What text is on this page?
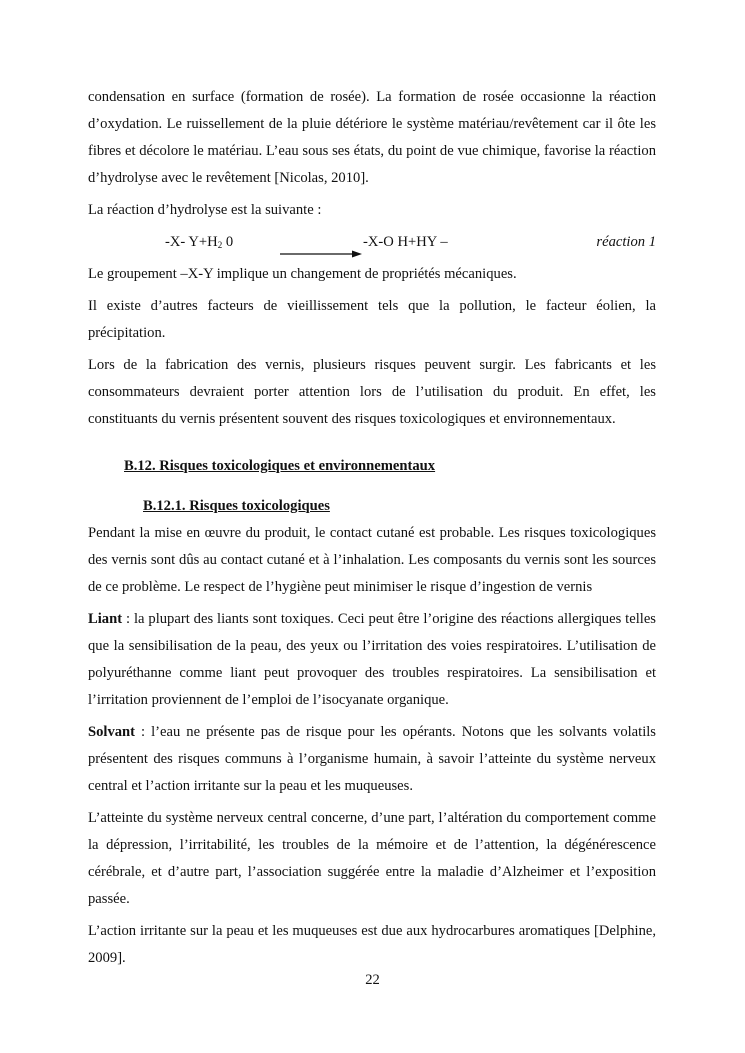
condensation en surface (formation de rosée). La formation de rosée occasionne la réaction d’oxydation. Le ruissellement de la pluie détériore le système matériau/revêtement car il ôte les fibres et décolore le matériau. L’eau sous ses états, du point de vue chimique, favorise la réaction d’hydrolyse avec le revêtement [Nicolas, 2010].

La réaction d’hydrolyse est la suivante :

-X- $Y+H_2$ 0	-X-O H+HY –	réaction 1

Le groupement –X-Y implique un changement de propriétés mécaniques.

Il existe d’autres facteurs de vieillissement tels que la pollution, le facteur éolien, la précipitation.

Lors de la fabrication des vernis, plusieurs risques peuvent surgir. Les fabricants et les consommateurs devraient porter attention lors de l’utilisation du produit. En effet, les constituants du vernis présentent souvent des risques toxicologiques et environnementaux.

B.12. Risques toxicologiques et environnementaux
B.12.1. Risques toxicologiques

Pendant la mise en œuvre du produit, le contact cutané est probable. Les risques toxicologiques des vernis sont dûs au contact cutané et à l’inhalation. Les composants du vernis sont les sources de ce problème. Le respect de l’hygiène peut minimiser le risque d’ingestion de vernis

Liant : la plupart des liants sont toxiques. Ceci peut être l’origine des réactions allergiques telles que la sensibilisation de la peau, des yeux ou l’irritation des voies respiratoires. L’utilisation de polyuréthanne comme liant peut provoquer des troubles respiratoires. La sensibilisation et l’irritation proviennent de l’emploi de l’isocyanate organique.

Solvant : l’eau ne présente pas de risque pour les opérants. Notons que les solvants volatils présentent des risques communs à l’organisme humain, à savoir l’atteinte du système nerveux central et l’action irritante sur la peau et les muqueuses.

L’atteinte du système nerveux central concerne, d’une part, l’altération du comportement comme la dépression, l’irritabilité, les troubles de la mémoire et de l’attention, la dégénérescence cérébrale, et d’autre part, l’association suggérée entre la maladie d’Alzheimer et l’exposition passée.

L’action irritante sur la peau et les muqueuses est due aux hydrocarbures aromatiques [Delphine, 2009].

22
